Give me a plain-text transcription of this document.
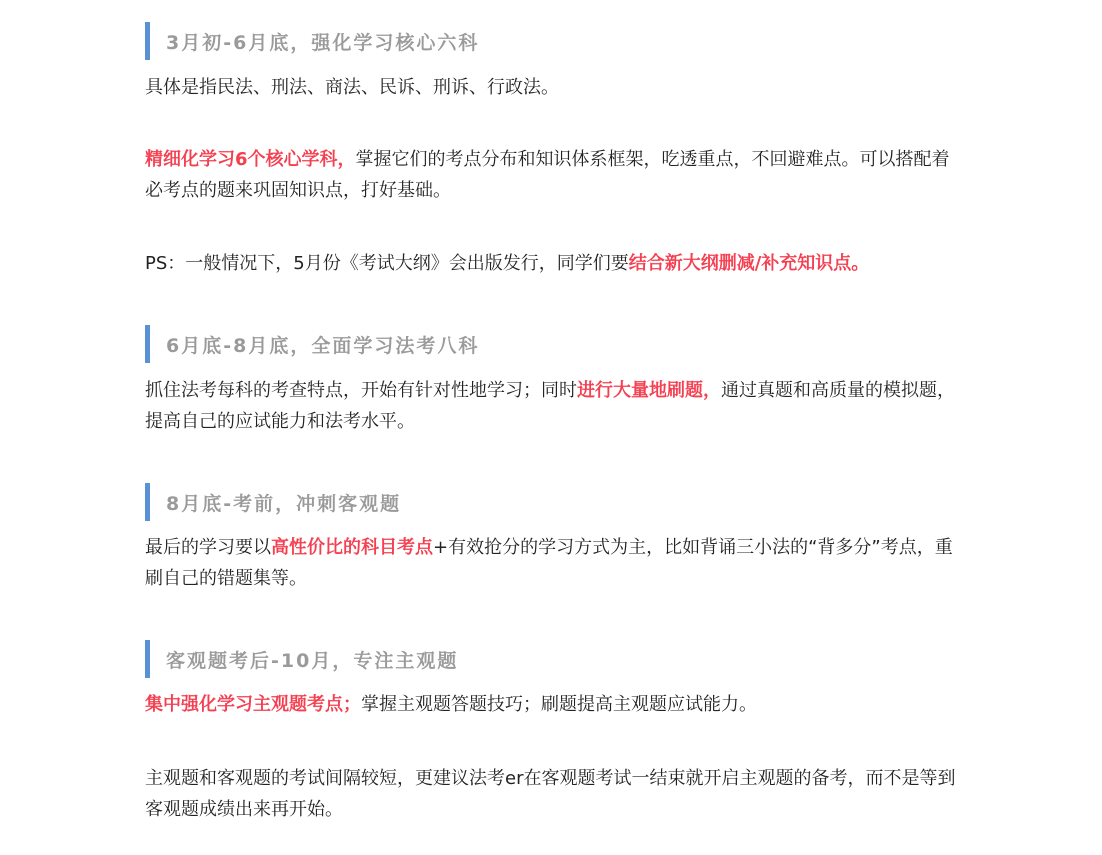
3月初-6月底，强化学习核心六科

具体是指民法、刑法、商法、民诉、刑诉、行政法。

精细化学习6个核心学科，掌握它们的考点分布和知识体系框架，吃透重点，不回避难点。可以搭配着必考点的题来巩固知识点，打好基础。

PS：一般情况下，5月份《考试大纲》会出版发行，同学们要结合新大纲删减/补充知识点。

6月底-8月底，全面学习法考八科

抓住法考每科的考查特点，开始有针对性地学习；同时进行大量地刷题，通过真题和高质量的模拟题，提高自己的应试能力和法考水平。

8月底-考前，冲刺客观题

最后的学习要以高性价比的科目考点+有效抢分的学习方式为主，比如背诵三小法的“背多分”考点，重刷自己的错题集等。

客观题考后-10月，专注主观题

集中强化学习主观题考点；掌握主观题答题技巧；刷题提高主观题应试能力。

主观题和客观题的考试间隔较短，更建议法考er在客观题考试一结束就开启主观题的备考，而不是等到客观题成绩出来再开始。
